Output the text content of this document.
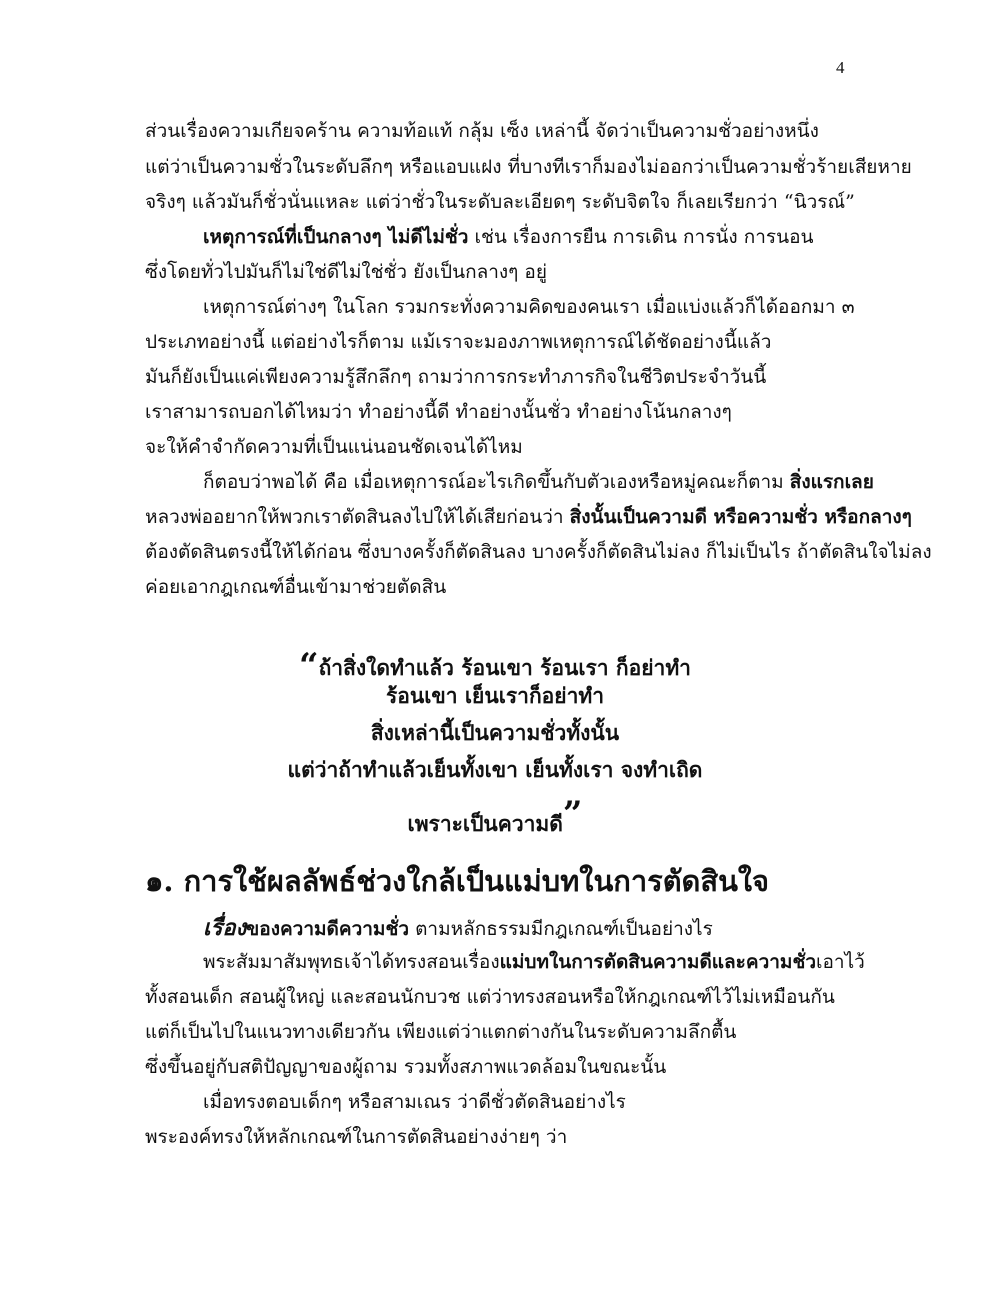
4
ส่วนเรื่องความเกียจคร้าน ความท้อแท้ กลุ้ม เซ็ง เหล่านี้ จัดว่าเป็นความชั่วอย่างหนึ่ง
แต่ว่าเป็นความชั่วในระดับลึกๆ หรือแอบแฝง ที่บางทีเราก็มองไม่ออกว่าเป็นความชั่วร้ายเสียหาย
จริงๆ แล้วมันก็ชั่วนั่นแหละ แต่ว่าชั่วในระดับละเอียดๆ ระดับจิตใจ ก็เลยเรียกว่า “นิวรณ์”
เหตุการณ์ที่เป็นกลางๆ ไม่ดีไม่ชั่ว เช่น เรื่องการยืน การเดิน การนั่ง การนอน
ซึ่งโดยทั่วไปมันก็ไม่ใช่ดีไม่ใช่ชั่ว ยังเป็นกลางๆ อยู่
เหตุการณ์ต่างๆ ในโลก รวมกระทั่งความคิดของคนเรา เมื่อแบ่งแล้วก็ได้ออกมา ๓
ประเภทอย่างนี้ แต่อย่างไรก็ตาม แม้เราจะมองภาพเหตุการณ์ได้ชัดอย่างนี้แล้ว
มันก็ยังเป็นแค่เพียงความรู้สึกลึกๆ ถามว่าการกระทำภารกิจในชีวิตประจำวันนี้
เราสามารถบอกได้ไหมว่า ทำอย่างนี้ดี ทำอย่างนั้นชั่ว ทำอย่างโน้นกลางๆ
จะให้คำจำกัดความที่เป็นแน่นอนชัดเจนได้ไหม
ก็ตอบว่าพอได้ คือ เมื่อเหตุการณ์อะไรเกิดขึ้นกับตัวเองหรือหมู่คณะก็ตาม สิ่งแรกเลย
หลวงพ่ออยากให้พวกเราตัดสินลงไปให้ได้เสียก่อนว่า สิ่งนั้นเป็นความดี หรือความชั่ว หรือกลางๆ
ต้องตัดสินตรงนี้ให้ได้ก่อน ซึ่งบางครั้งก็ตัดสินลง บางครั้งก็ตัดสินไม่ลง ก็ไม่เป็นไร ถ้าตัดสินใจไม่ลง
ค่อยเอากฎเกณฑ์อื่นเข้ามาช่วยตัดสิน
“ถ้าสิ่งใดทำแล้ว ร้อนเขา ร้อนเรา ก็อย่าทำ
ร้อนเขา เย็นเราก็อย่าทำ
สิ่งเหล่านี้เป็นความชั่วทั้งนั้น
แต่ว่าถ้าทำแล้วเย็นทั้งเขา เย็นทั้งเรา จงทำเถิด
เพราะเป็นความดี”
๑. การใช้ผลลัพธ์ช่วงใกล้เป็นแม่บทในการตัดสินใจ
เรื่องของความดีความชั่ว ตามหลักธรรมมีกฎเกณฑ์เป็นอย่างไร
พระสัมมาสัมพุทธเจ้าได้ทรงสอนเรื่องแม่บทในการตัดสินความดีและความชั่วเอาไว้
ทั้งสอนเด็ก สอนผู้ใหญ่ และสอนนักบวช แต่ว่าทรงสอนหรือให้กฎเกณฑ์ไว้ไม่เหมือนกัน
แต่ก็เป็นไปในแนวทางเดียวกัน เพียงแต่ว่าแตกต่างกันในระดับความลึกตื้น
ซึ่งขึ้นอยู่กับสติปัญญาของผู้ถาม รวมทั้งสภาพแวดล้อมในขณะนั้น
เมื่อทรงตอบเด็กๆ หรือสามเณร ว่าดีชั่วตัดสินอย่างไร
พระองค์ทรงให้หลักเกณฑ์ในการตัดสินอย่างง่ายๆ ว่า
